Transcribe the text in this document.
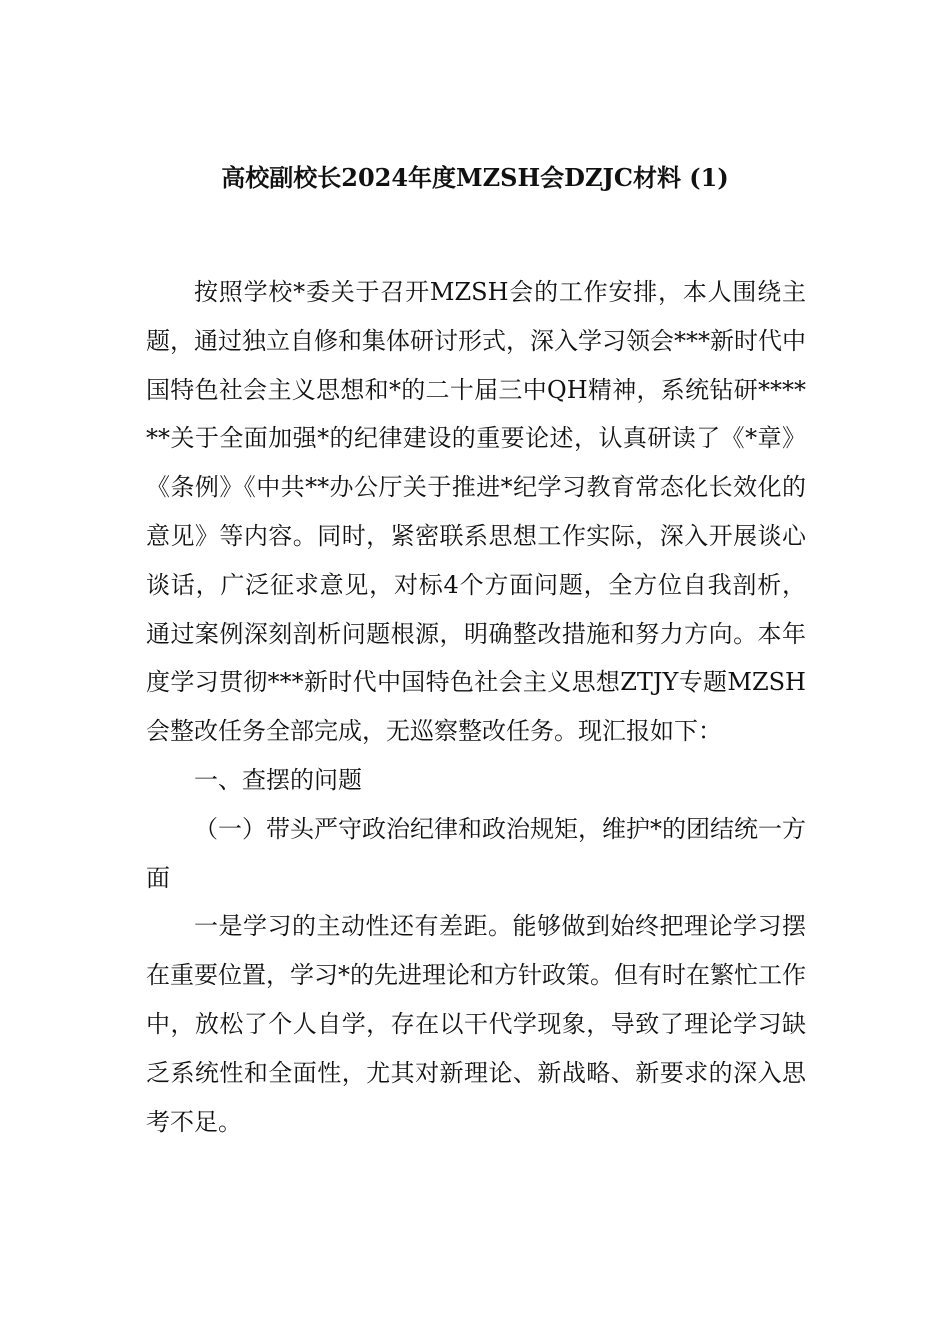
高校副校长2024年度MZSH会DZJC材料 (1)

按照学校*委关于召开MZSH会的工作安排，本人围绕主题，通过独立自修和集体研讨形式，深入学习领会***新时代中国特色社会主义思想和*的二十届三中QH精神，系统钻研******关于全面加强*的纪律建设的重要论述，认真研读了《*章》《条例》《中共**办公厅关于推进*纪学习教育常态化长效化的意见》等内容。同时，紧密联系思想工作实际，深入开展谈心谈话，广泛征求意见，对标4个方面问题，全方位自我剖析，通过案例深刻剖析问题根源，明确整改措施和努力方向。本年度学习贯彻***新时代中国特色社会主义思想ZTJY专题MZSH会整改任务全部完成，无巡察整改任务。现汇报如下：

一、查摆的问题

（一）带头严守政治纪律和政治规矩，维护*的团结统一方面

一是学习的主动性还有差距。能够做到始终把理论学习摆在重要位置，学习*的先进理论和方针政策。但有时在繁忙工作中，放松了个人自学，存在以干代学现象，导致了理论学习缺乏系统性和全面性，尤其对新理论、新战略、新要求的深入思考不足。
